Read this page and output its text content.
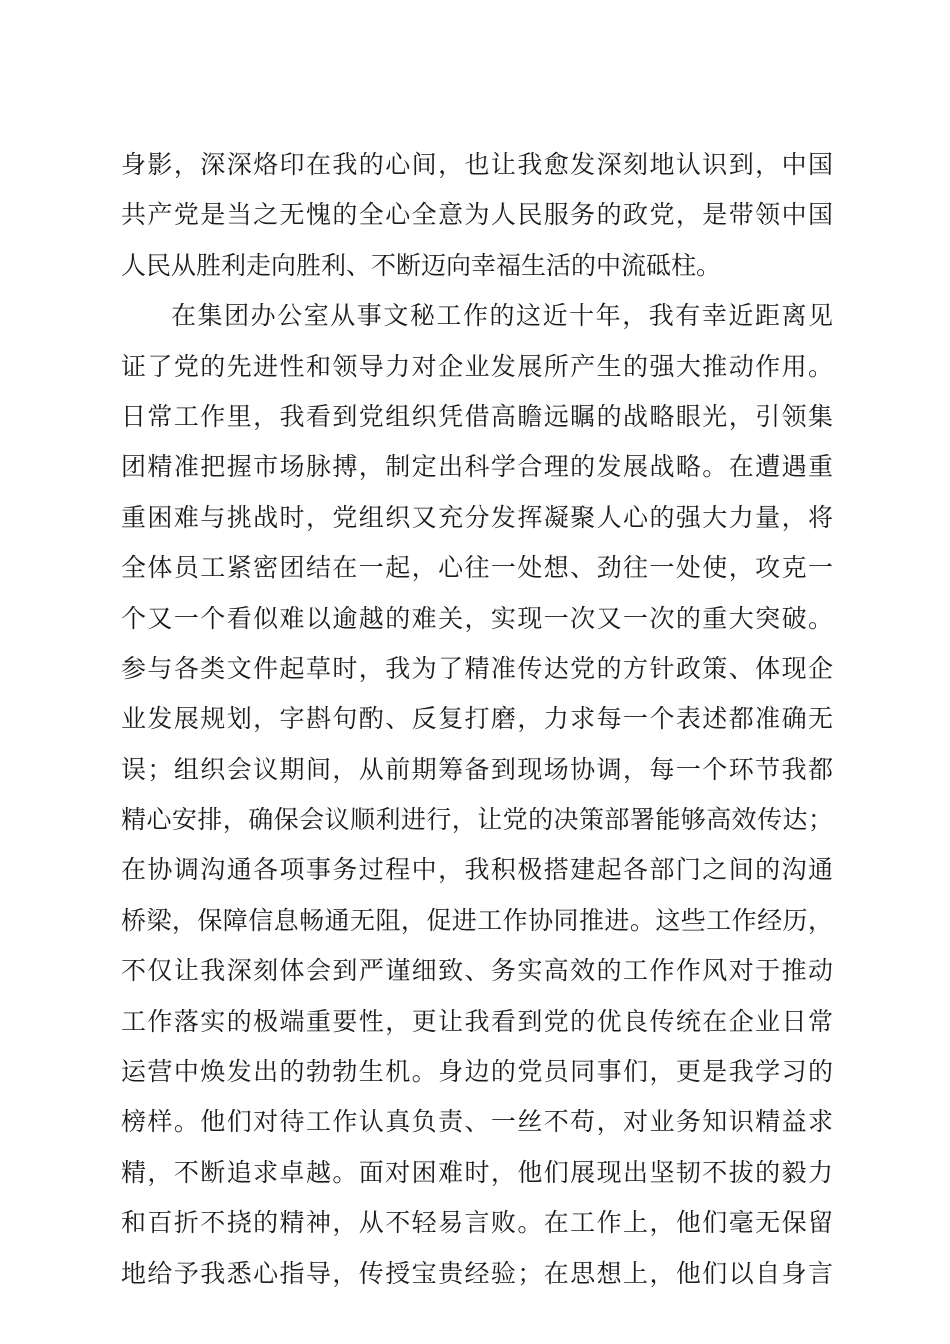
身影，深深烙印在我的心间，也让我愈发深刻地认识到，中国
共产党是当之无愧的全心全意为人民服务的政党，是带领中国
人民从胜利走向胜利、不断迈向幸福生活的中流砥柱。
在集团办公室从事文秘工作的这近十年，我有幸近距离见
证了党的先进性和领导力对企业发展所产生的强大推动作用。
日常工作里，我看到党组织凭借高瞻远瞩的战略眼光，引领集
团精准把握市场脉搏，制定出科学合理的发展战略。在遭遇重
重困难与挑战时，党组织又充分发挥凝聚人心的强大力量，将
全体员工紧密团结在一起，心往一处想、劲往一处使，攻克一
个又一个看似难以逾越的难关，实现一次又一次的重大突破。
参与各类文件起草时，我为了精准传达党的方针政策、体现企
业发展规划，字斟句酌、反复打磨，力求每一个表述都准确无
误；组织会议期间，从前期筹备到现场协调，每一个环节我都
精心安排，确保会议顺利进行，让党的决策部署能够高效传达；
在协调沟通各项事务过程中，我积极搭建起各部门之间的沟通
桥梁，保障信息畅通无阻，促进工作协同推进。这些工作经历，
不仅让我深刻体会到严谨细致、务实高效的工作作风对于推动
工作落实的极端重要性，更让我看到党的优良传统在企业日常
运营中焕发出的勃勃生机。身边的党员同事们，更是我学习的
榜样。他们对待工作认真负责、一丝不苟，对业务知识精益求
精，不断追求卓越。面对困难时，他们展现出坚韧不拔的毅力
和百折不挠的精神，从不轻易言败。在工作上，他们毫无保留
地给予我悉心指导，传授宝贵经验；在思想上，他们以自身言
